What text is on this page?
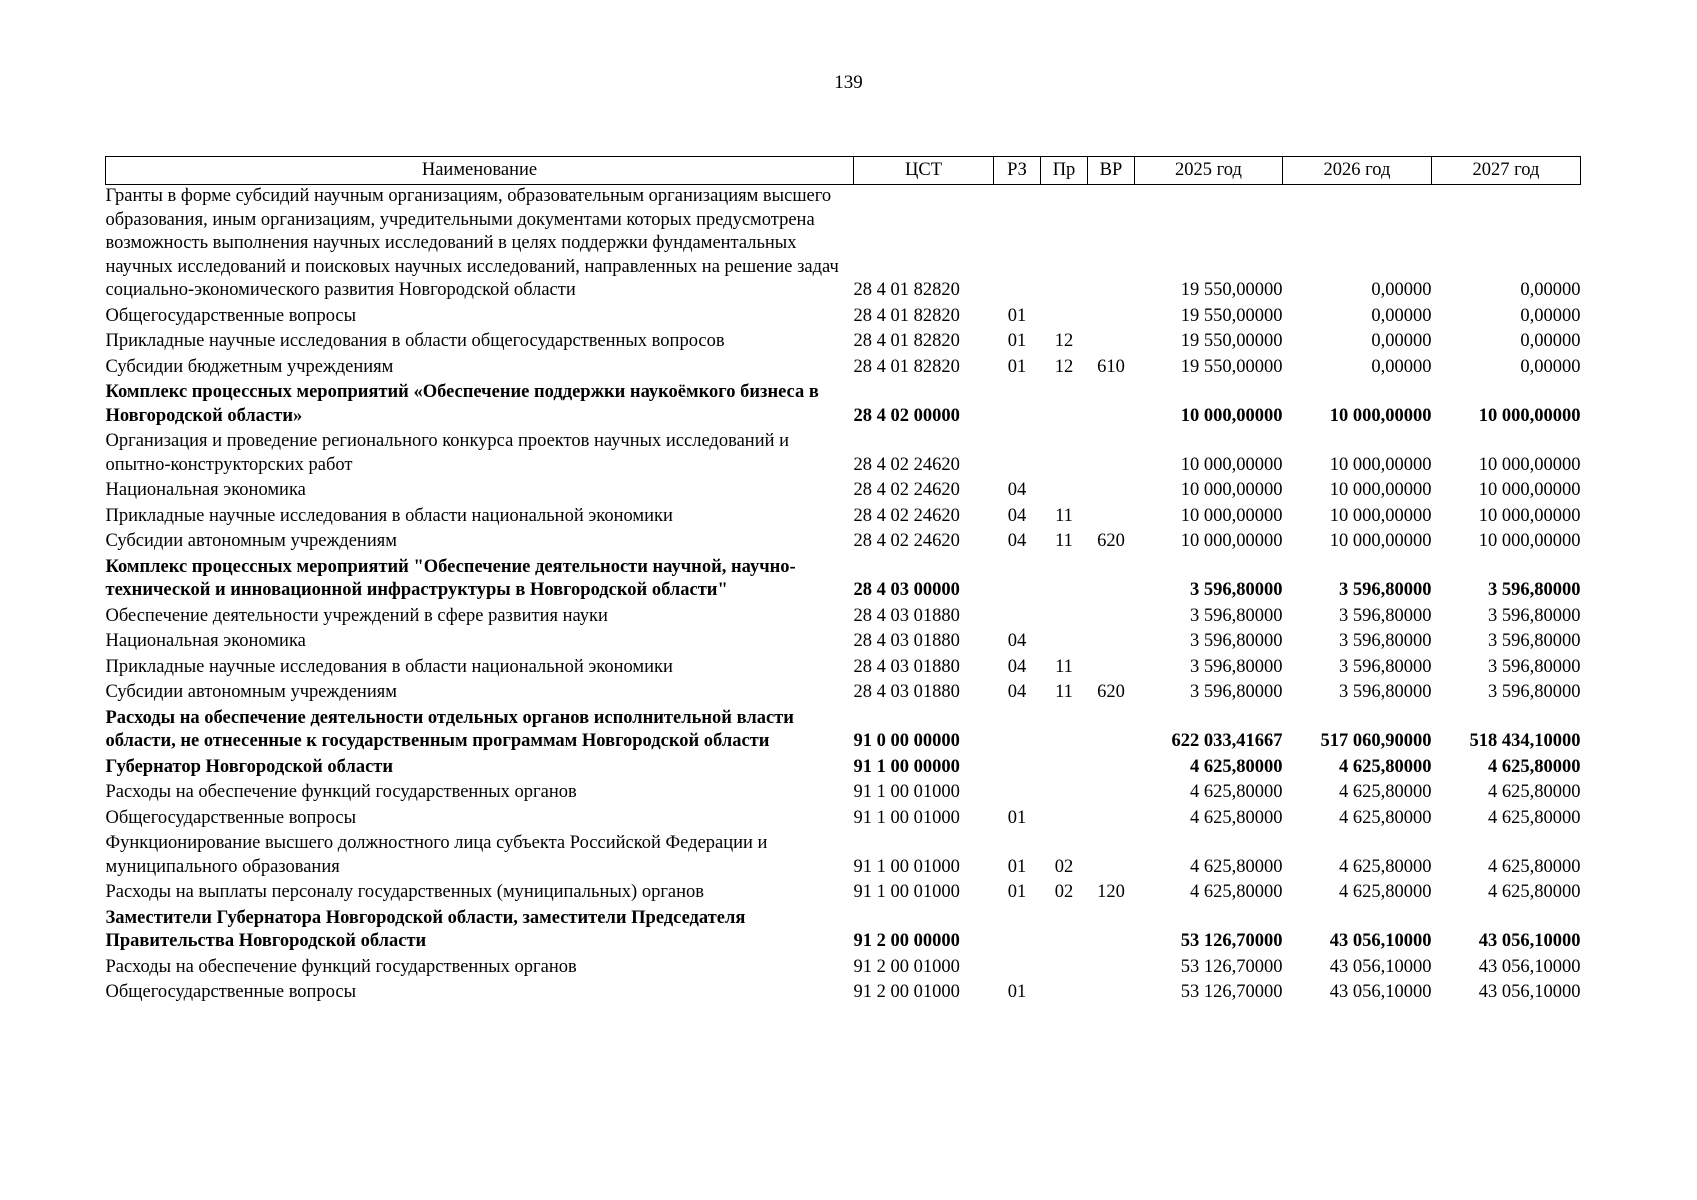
139
Наименование	ЦСТ	РЗ	Пр	ВР	2025 год	2026 год	2027 год
Гранты в форме субсидий научным организациям, образовательным организациям высшего образования, иным организациям, учредительными документами которых предусмотрена возможность выполнения научных исследований в целях поддержки фундаментальных научных исследований и поисковых научных исследований, направленных на решение задач социально-экономического развития Новгородской области	28 4 01 82820				19 550,00000	0,00000	0,00000
Общегосударственные вопросы	28 4 01 82820	01			19 550,00000	0,00000	0,00000
Прикладные научные исследования в области общегосударственных вопросов	28 4 01 82820	01	12		19 550,00000	0,00000	0,00000
Субсидии бюджетным учреждениям	28 4 01 82820	01	12	610	19 550,00000	0,00000	0,00000
Комплекс процессных мероприятий «Обеспечение поддержки наукоёмкого бизнеса в Новгородской области»	28 4 02 00000				10 000,00000	10 000,00000	10 000,00000
Организация и проведение регионального конкурса проектов научных исследований и опытно-конструкторских работ	28 4 02 24620				10 000,00000	10 000,00000	10 000,00000
Национальная экономика	28 4 02 24620	04			10 000,00000	10 000,00000	10 000,00000
Прикладные научные исследования в области национальной экономики	28 4 02 24620	04	11		10 000,00000	10 000,00000	10 000,00000
Субсидии автономным учреждениям	28 4 02 24620	04	11	620	10 000,00000	10 000,00000	10 000,00000
Комплекс процессных мероприятий "Обеспечение деятельности научной, научно-технической и инновационной инфраструктуры в Новгородской области"	28 4 03 00000				3 596,80000	3 596,80000	3 596,80000
Обеспечение деятельности учреждений в сфере развития науки	28 4 03 01880				3 596,80000	3 596,80000	3 596,80000
Национальная экономика	28 4 03 01880	04			3 596,80000	3 596,80000	3 596,80000
Прикладные научные исследования в области национальной экономики	28 4 03 01880	04	11		3 596,80000	3 596,80000	3 596,80000
Субсидии автономным учреждениям	28 4 03 01880	04	11	620	3 596,80000	3 596,80000	3 596,80000
Расходы на обеспечение деятельности отдельных органов исполнительной власти области, не отнесенные к государственным программам Новгородской области	91 0 00 00000				622 033,41667	517 060,90000	518 434,10000
Губернатор Новгородской области	91 1 00 00000				4 625,80000	4 625,80000	4 625,80000
Расходы на обеспечение функций государственных органов	91 1 00 01000				4 625,80000	4 625,80000	4 625,80000
Общегосударственные вопросы	91 1 00 01000	01			4 625,80000	4 625,80000	4 625,80000
Функционирование высшего должностного лица субъекта Российской Федерации и муниципального образования	91 1 00 01000	01	02		4 625,80000	4 625,80000	4 625,80000
Расходы на выплаты персоналу государственных (муниципальных) органов	91 1 00 01000	01	02	120	4 625,80000	4 625,80000	4 625,80000
Заместители Губернатора Новгородской области, заместители Председателя Правительства Новгородской области	91 2 00 00000				53 126,70000	43 056,10000	43 056,10000
Расходы на обеспечение функций государственных органов	91 2 00 01000				53 126,70000	43 056,10000	43 056,10000
Общегосударственные вопросы	91 2 00 01000	01			53 126,70000	43 056,10000	43 056,10000
